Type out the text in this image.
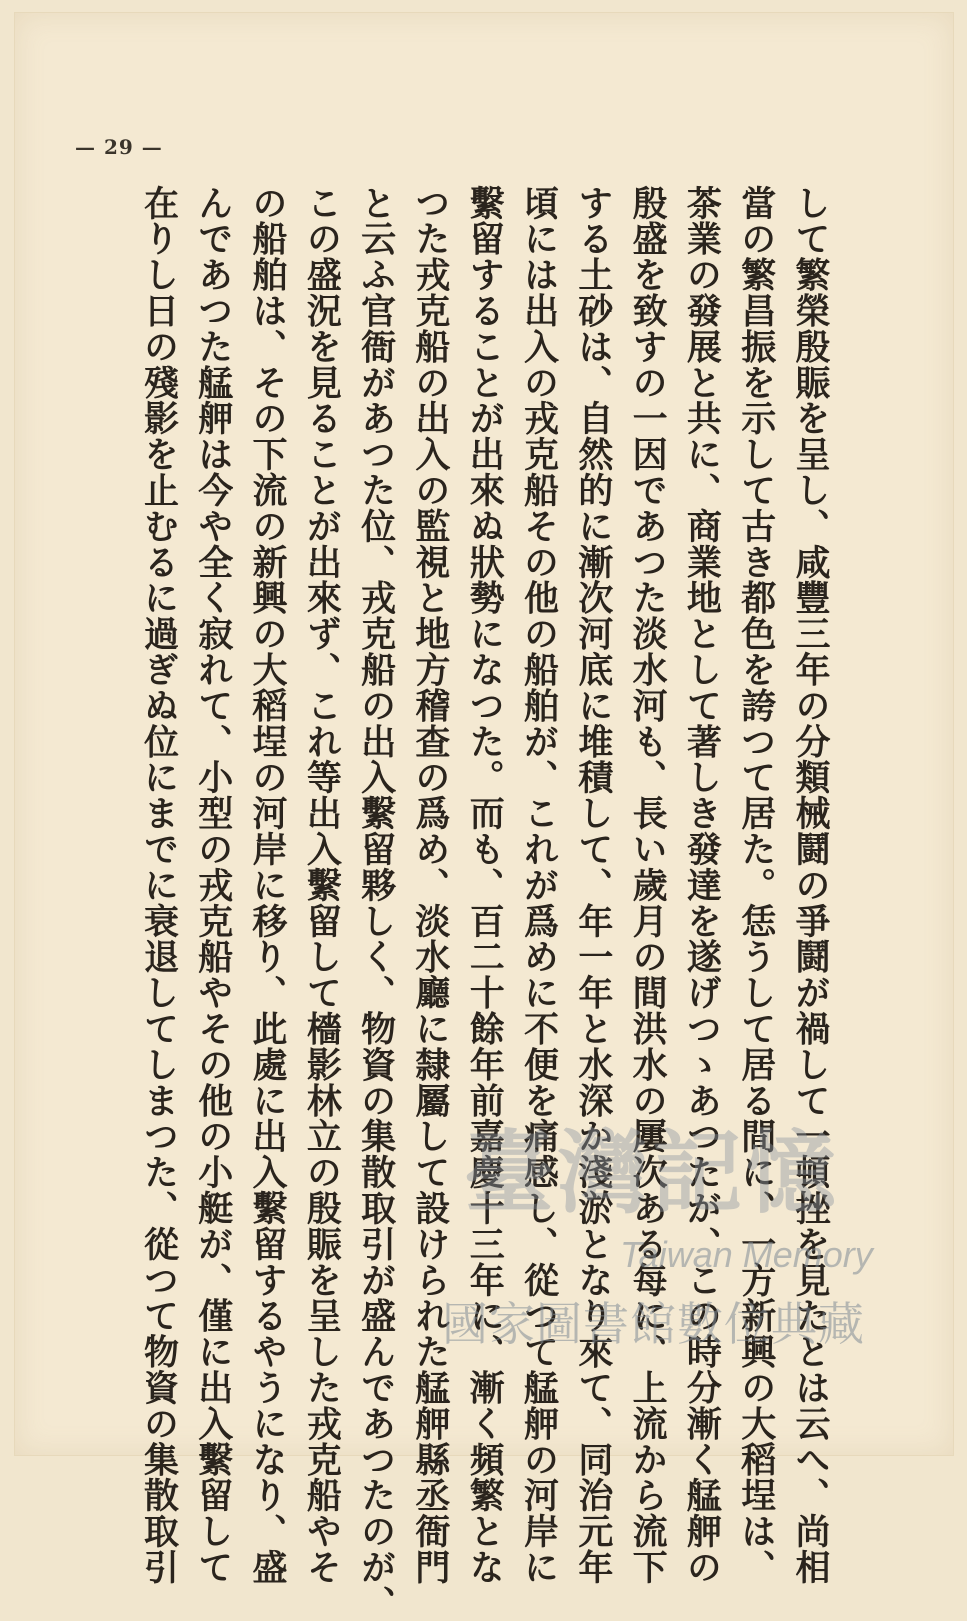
— 29 —
して繁榮殷賑を呈し、咸豐三年の分類械鬪の爭鬪が禍して一頓挫を見たとは云へ、尚相
當の繁昌振を示して古き都色を誇つて居た。恁うして居る間に、一方新興の大稻埕は、
茶業の發展と共に、商業地として著しき發達を遂げつゝあつたが、この時分漸く艋舺の
殷盛を致すの一因であつた淡水河も、長い歲月の間洪水の屢次ある每に、上流から流下
する土砂は、自然的に漸次河底に堆積して、年一年と水深か淺淤となり來て、同治元年
頃には出入の戎克船その他の船舶が、これが爲めに不便を痛感し、從つて艋舺の河岸に
繫留することが出來ぬ狀勢になつた。而も、百二十餘年前嘉慶十三年に、漸く頻繁とな
つた戎克船の出入の監視と地方稽查の爲め、淡水廳に隸屬して設けられた艋舺縣丞衙門
と云ふ官衙があつた位、戎克船の出入繫留夥しく、物資の集散取引が盛んであつたのが、
この盛況を見ることが出來ず、これ等出入繫留して檣影林立の殷賑を呈した戎克船やそ
の船舶は、その下流の新興の大稻埕の河岸に移り、此處に出入繫留するやうになり、盛
んであつた艋舺は今や全く寂れて、小型の戎克船やその他の小艇が、僅に出入繫留して
在りし日の殘影を止むるに過ぎぬ位にまでに衰退してしまつた、從つて物資の集散取引	臺灣記憶
Taiwan Memory
國家圖書館數位典藏
